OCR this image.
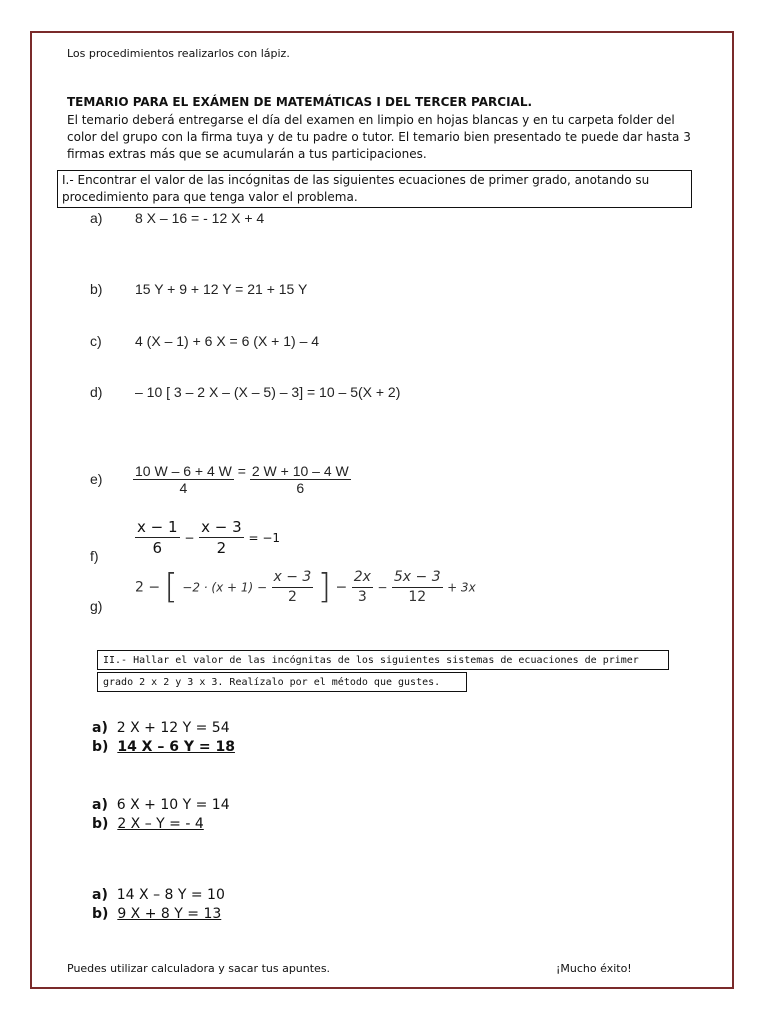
Los procedimientos realizarlos con lápiz.
TEMARIO PARA EL EXÁMEN DE MATEMÁTICAS I DEL TERCER PARCIAL.
El temario deberá entregarse el día del examen en limpio en hojas blancas y en tu carpeta folder del
color del grupo con la firma tuya y de tu padre o tutor. El temario bien presentado te puede dar hasta 3
firmas extras más que se acumularán a tus participaciones.
I.- Encontrar el valor de las incógnitas de las siguientes ecuaciones de primer grado, anotando su
procedimiento para que tenga valor el problema.
a) 8 X – 16 = - 12 X + 4
b) 15 Y + 9 + 12 Y = 21 + 15 Y
c) 4 (X – 1) + 6 X = 6 (X + 1) – 4
d) – 10 [ 3 – 2 X – (X – 5) – 3] = 10 – 5(X + 2)
$e) \frac{10 W - 6 + 4 W}{4} = \frac{2 W + 10 - 4 W}{6}$
$f) \frac{x - 1}{6} - \frac{x - 3}{2} = -1$
g)
2 − [ $-2 \cdot (x + 1) - \frac{x - 3}{2}$ ] − $\frac{2x}{3} - \frac{5x - 3}{12} + 3x$
II.- Hallar el valor de las incógnitas de los siguientes sistemas de ecuaciones de primer
grado 2 x 2 y 3 x 3. Realízalo por el método que gustes.
a) 2 X + 12 Y = 54
b) 14 X – 6 Y = 18
a) 6 X + 10 Y = 14
b) 2 X – Y = - 4
a) 14 X – 8 Y = 10
b) 9 X + 8 Y = 13
Puedes utilizar calculadora y sacar tus apuntes.	¡Mucho éxito!
